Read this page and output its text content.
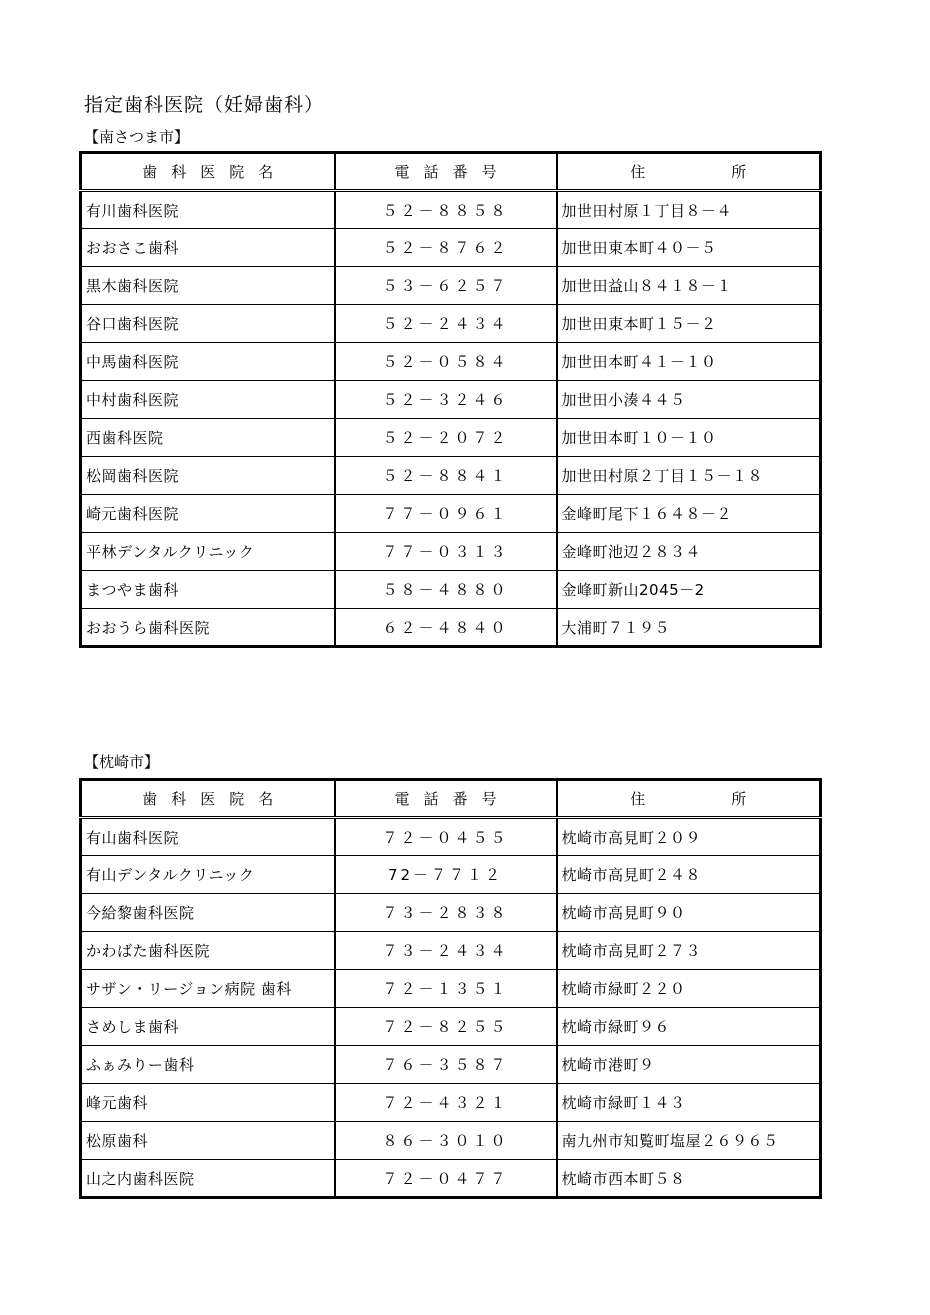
指定歯科医院（妊婦歯科）
【南さつま市】
歯科医院名	電話番号	住 所
有川歯科医院	５２－８８５８	加世田村原１丁目８－４
おおさこ歯科	５２－８７６２	加世田東本町４０－５
黒木歯科医院	５３－６２５７	加世田益山８４１８－１
谷口歯科医院	５２－２４３４	加世田東本町１５－２
中馬歯科医院	５２－０５８４	加世田本町４１－１０
中村歯科医院	５２－３２４６	加世田小湊４４５
西歯科医院	５２－２０７２	加世田本町１０－１０
松岡歯科医院	５２－８８４１	加世田村原２丁目１５－１８
崎元歯科医院	７７－０９６１	金峰町尾下１６４８－２
平林デンタルクリニック	７７－０３１３	金峰町池辺２８３４
まつやま歯科	５８－４８８０	金峰町新山2045－2
おおうら歯科医院	６２－４８４０	大浦町７１９５
【枕崎市】
歯科医院名	電話番号	住 所
有山歯科医院	７２－０４５５	枕崎市高見町２０９
有山デンタルクリニック	72－７７１２	枕崎市高見町２４８
今給黎歯科医院	７３－２８３８	枕崎市高見町９０
かわばた歯科医院	７３－２４３４	枕崎市高見町２７３
サザン・リージョン病院 歯科	７２－１３５１	枕崎市緑町２２０
さめしま歯科	７２－８２５５	枕崎市緑町９６
ふぁみりー歯科	７６－３５８７	枕崎市港町９
峰元歯科	７２－４３２１	枕崎市緑町１４３
松原歯科	８６－３０１０	南九州市知覧町塩屋２６９６５
山之内歯科医院	７２－０４７７	枕崎市西本町５８
